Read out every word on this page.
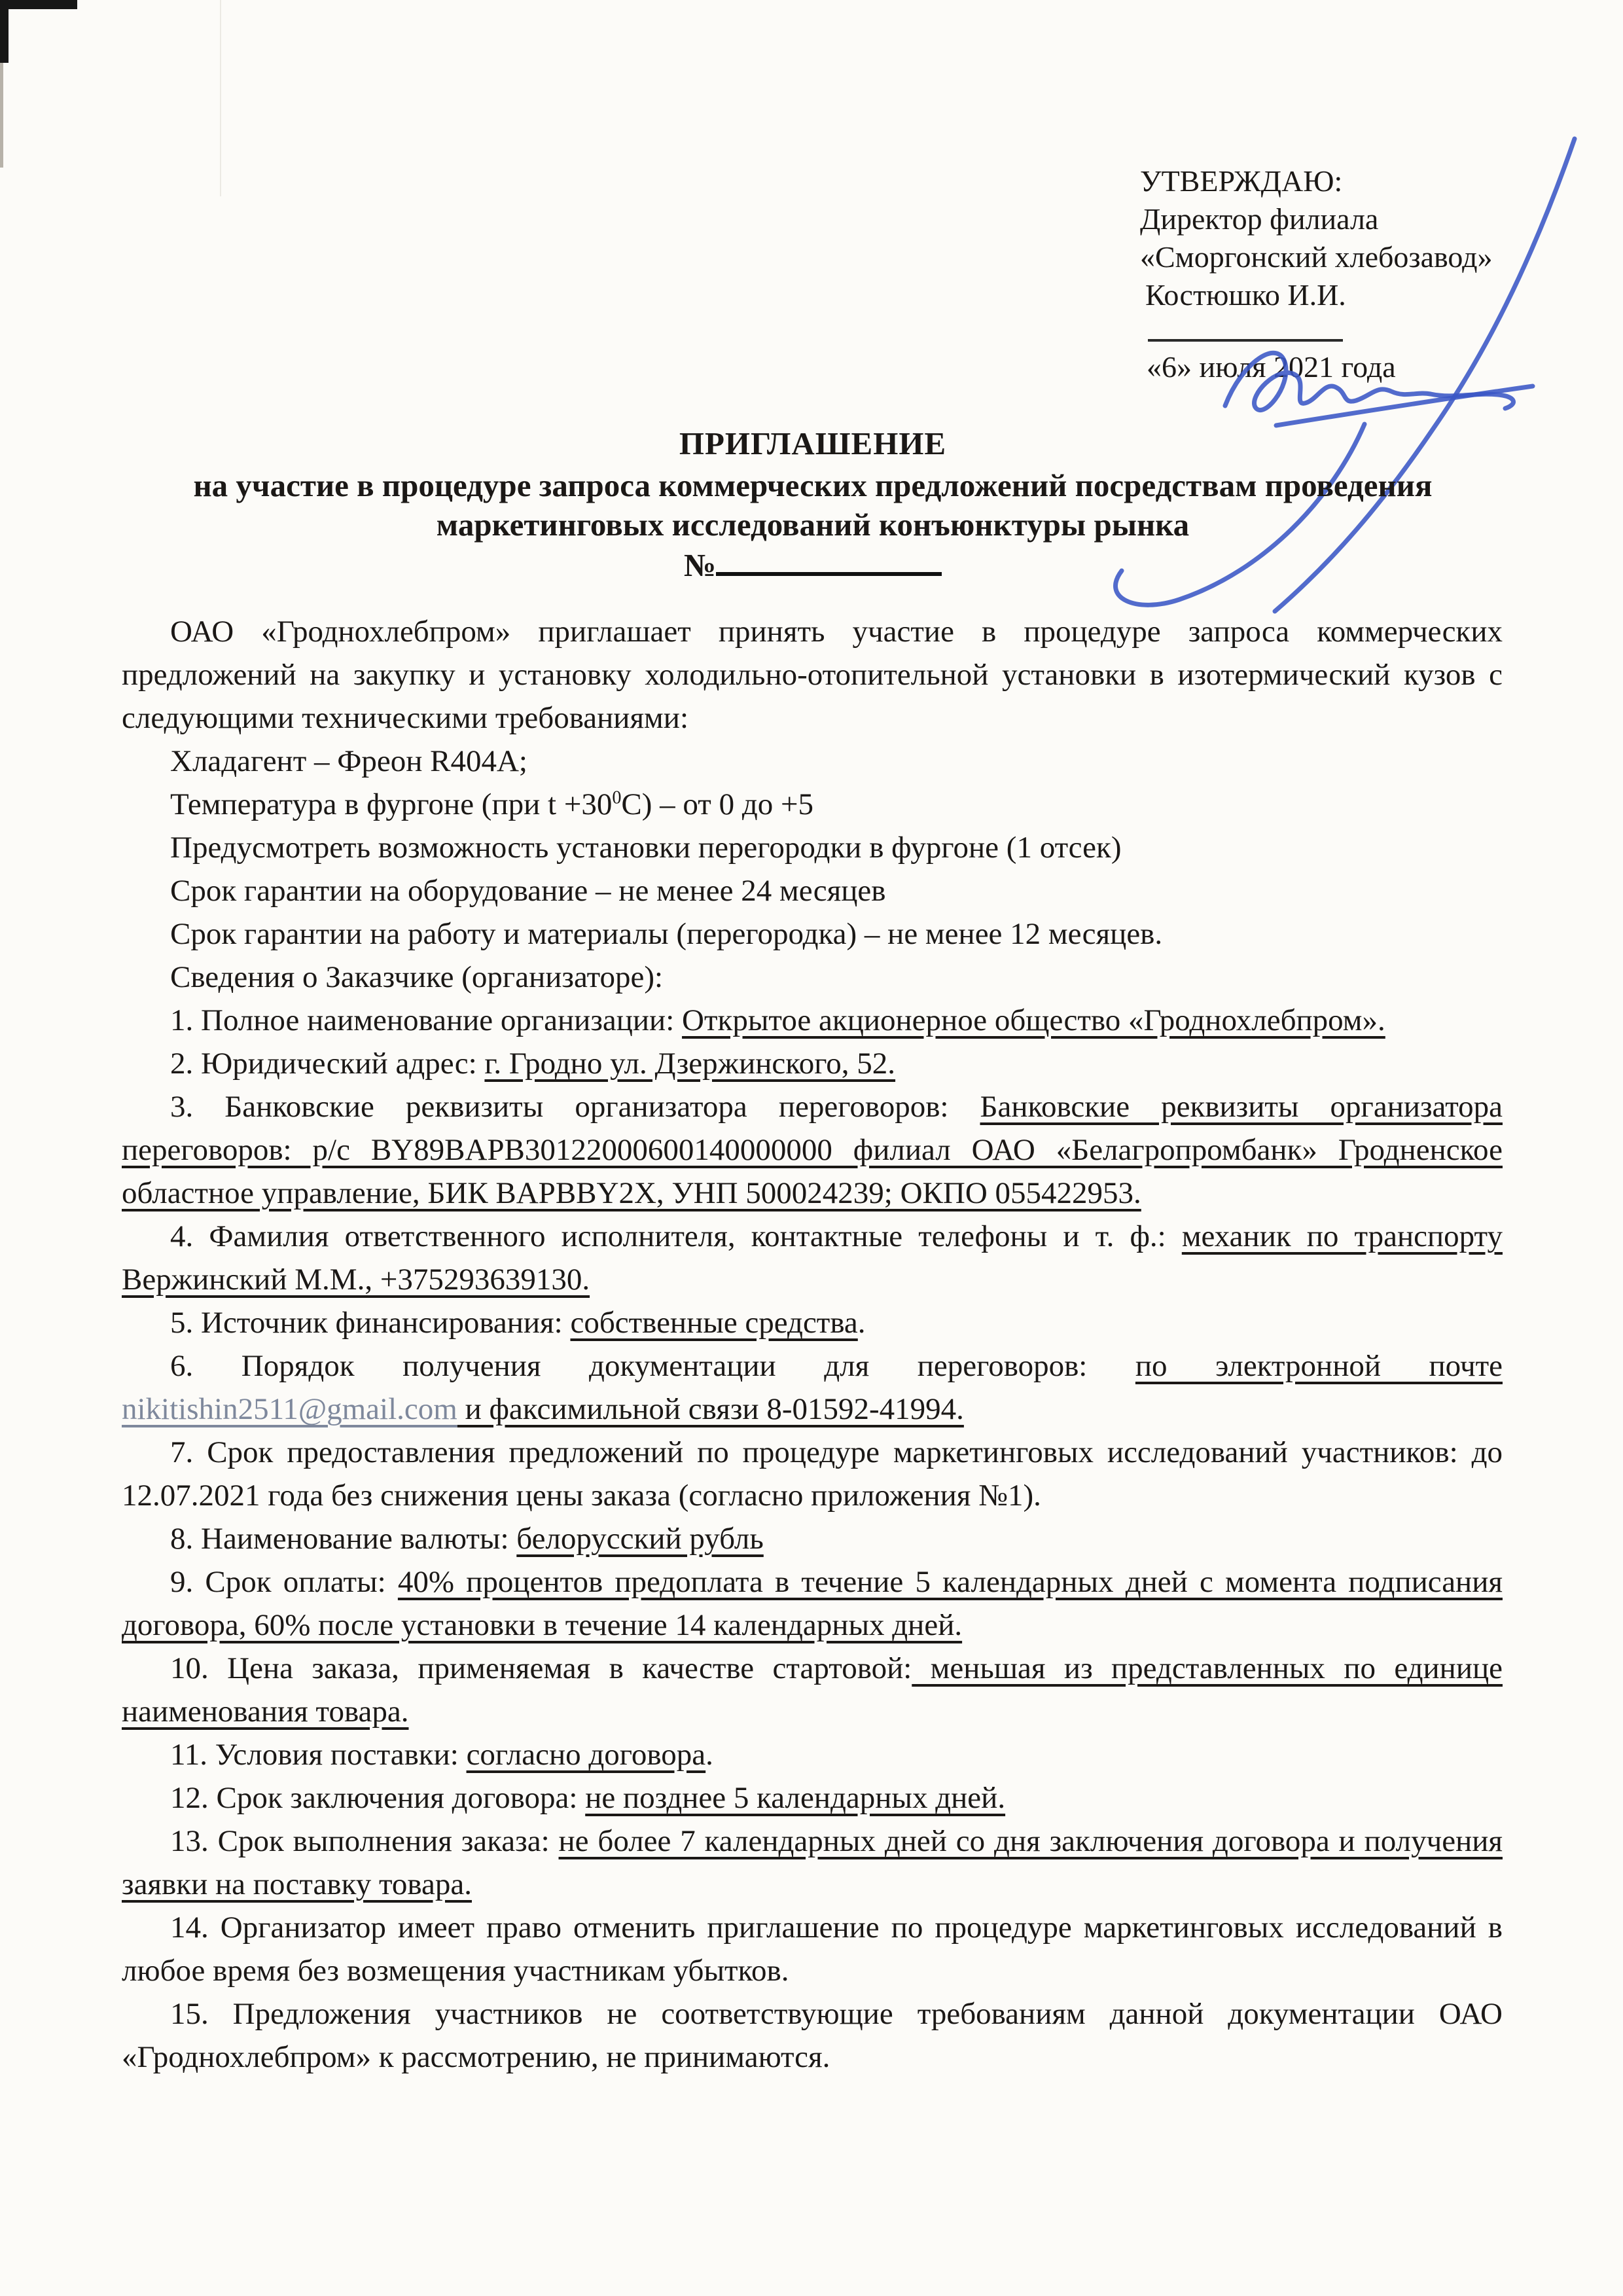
УТВЕРЖДАЮ:
Директор филиала
«Сморгонский хлебозавод»
Костюшко И.И.
«6» июля 2021 года
ПРИГЛАШЕНИЕ
на участие в процедуре запроса коммерческих предложений посредствам проведения
маркетинговых исследований конъюнктуры рынка
№

ОАО «Гроднохлебпром» приглашает принять участие в процедуре запроса коммерческих предложений на закупку и установку холодильно-отопительной установки в изотермический кузов с следующими техническими требованиями:

Хладагент – Фреон R404A;

Температура в фургоне (при $t +30^0С$) – от 0 до +5

Предусмотреть возможность установки перегородки в фургоне (1 отсек)

Срок гарантии на оборудование – не менее 24 месяцев

Срок гарантии на работу и материалы (перегородка) – не менее 12 месяцев.

Сведения о Заказчике (организаторе):

1. Полное наименование организации: Открытое акционерное общество «Гроднохлебпром».

2. Юридический адрес: г. Гродно ул. Дзержинского, 52.

3. Банковские реквизиты организатора переговоров: Банковские реквизиты организатора переговоров: р/с BY89BAPB30122000600140000000 филиал ОАО «Белагропромбанк» Гродненское областное управление, БИК BAPBBY2X, УНП 500024239; ОКПО 055422953.

4. Фамилия ответственного исполнителя, контактные телефоны и т. ф.: механик по транспорту Вержинский М.М., +375293639130.

5. Источник финансирования: собственные средства.

6. Порядок получения документации для переговоров: по электронной почте nikitishin2511@gmail.com и факсимильной связи 8-01592-41994.

7. Срок предоставления предложений по процедуре маркетинговых исследований участников: до 12.07.2021 года без снижения цены заказа (согласно приложения №1).

8. Наименование валюты: белорусский рубль

9. Срок оплаты: 40% процентов предоплата в течение 5 календарных дней с момента подписания договора, 60% после установки в течение 14 календарных дней.

10. Цена заказа, применяемая в качестве стартовой: меньшая из представленных по единице наименования товара.

11. Условия поставки: согласно договора.

12. Срок заключения договора: не позднее 5 календарных дней.

13. Срок выполнения заказа: не более 7 календарных дней со дня заключения договора и получения заявки на поставку товара.

14. Организатор имеет право отменить приглашение по процедуре маркетинговых исследований в любое время без возмещения участникам убытков.

15. Предложения участников не соответствующие требованиям данной документации ОАО «Гроднохлебпром» к рассмотрению, не принимаются.
